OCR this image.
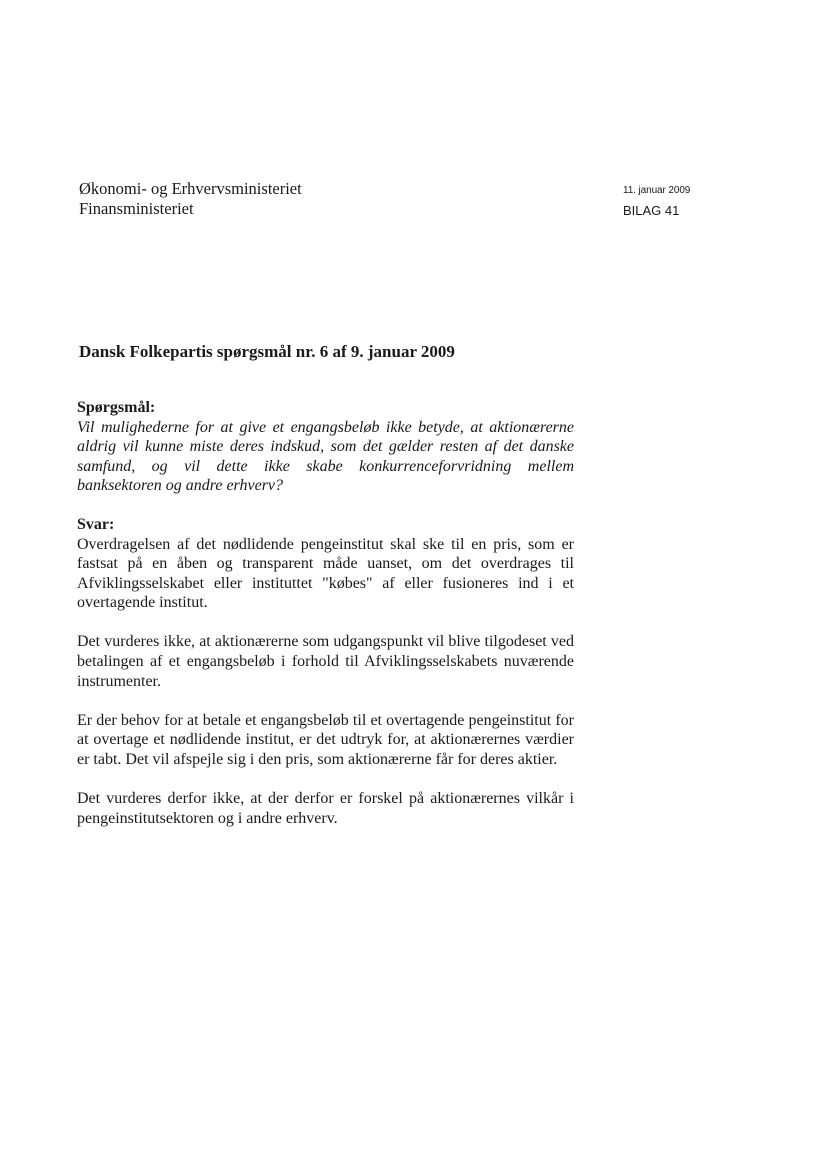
Økonomi- og Erhvervsministeriet
Finansministeriet
11. januar 2009
BILAG 41
Dansk Folkepartis spørgsmål nr. 6 af 9. januar 2009

Spørgsmål:

Vil mulighederne for at give et engangsbeløb ikke betyde, at aktionærerne aldrig vil kunne miste deres indskud, som det gælder resten af det danske samfund, og vil dette ikke skabe konkurrenceforvridning mellem banksektoren og andre erhverv?

Svar:

Overdragelsen af det nødlidende pengeinstitut skal ske til en pris, som er fastsat på en åben og transparent måde uanset, om det overdrages til Afviklingsselskabet eller instituttet "købes" af eller fusioneres ind i et overtagende institut.

Det vurderes ikke, at aktionærerne som udgangspunkt vil blive tilgodeset ved betalingen af et engangsbeløb i forhold til Afviklingsselskabets nuværende instrumenter.

Er der behov for at betale et engangsbeløb til et overtagende pengeinstitut for at overtage et nødlidende institut, er det udtryk for, at aktionærernes værdier er tabt. Det vil afspejle sig i den pris, som aktionærerne får for deres aktier.

Det vurderes derfor ikke, at der derfor er forskel på aktionærernes vilkår i pengeinstitutsektoren og i andre erhverv.
